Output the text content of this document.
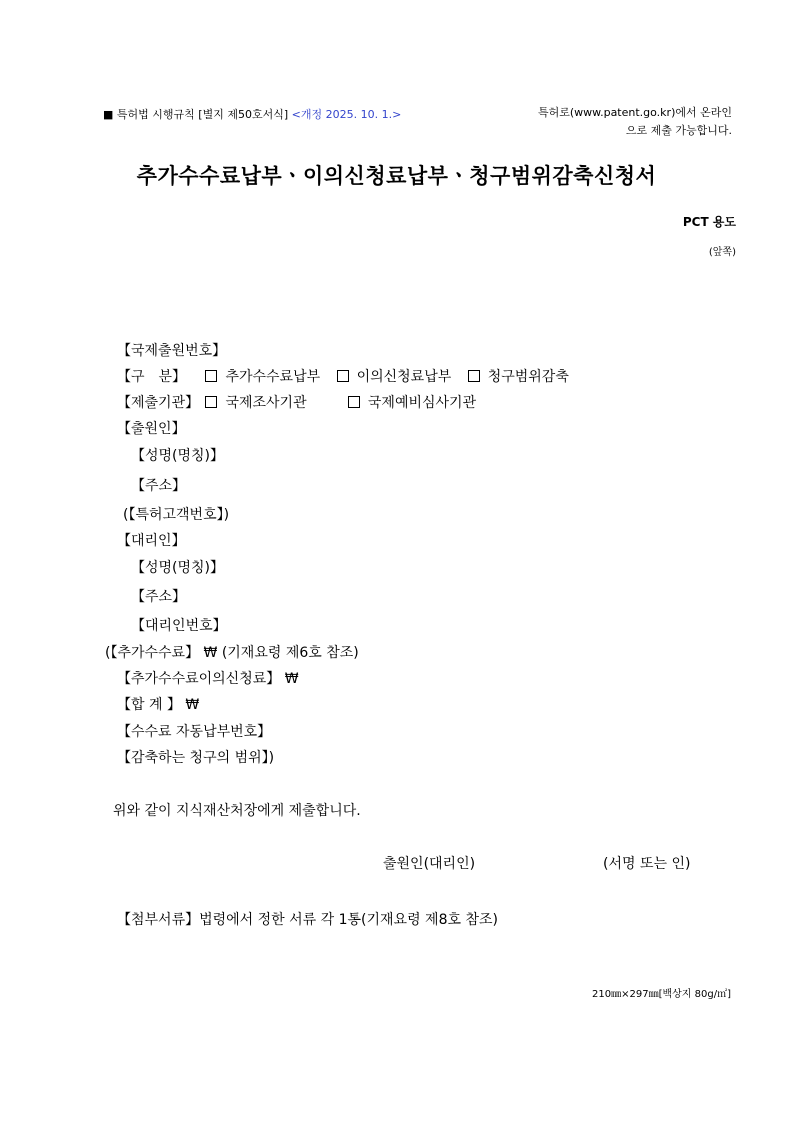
■ 특허법 시행규칙 [별지 제50호서식] <개정 2025. 10. 1.>	특허로(www.patent.go.kr)에서 온라인
으로 제출 가능합니다.
추가수수료납부ㆍ이의신청료납부ㆍ청구범위감축신청서
PCT 용도
(앞쪽)
【국제출원번호】
【구　분】	추가수수료납부	이의신청료납부	청구범위감축
【제출기관】 국제조사기관	국제예비심사기관
【출원인】
【성명(명칭)】
【주소】
(【특허고객번호】)
【대리인】
【성명(명칭)】
【주소】
【대리인번호】
(【추가수수료】 ₩ (기재요령 제6호 참조)
【추가수수료이의신청료】 ₩
【합 계 】 ₩
【수수료 자동납부번호】
【감축하는 청구의 범위】)
위와 같이 지식재산처장에게 제출합니다.
출원인(대리인)	(서명 또는 인)
【첨부서류】법령에서 정한 서류 각 1통(기재요령 제8호 참조)
210㎜×297㎜[백상지 80g/㎡]
